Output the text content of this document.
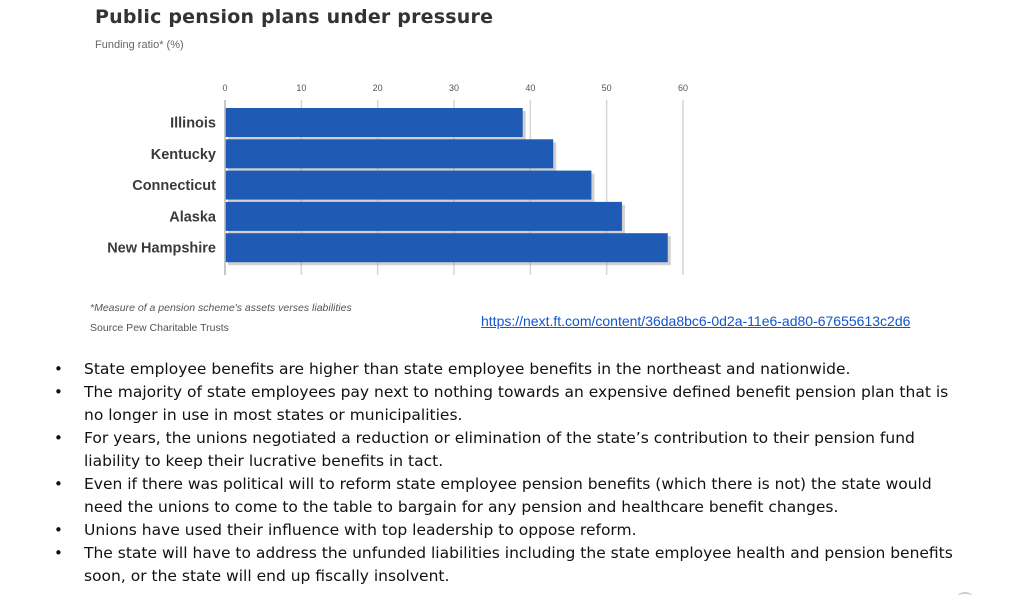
Public pension plans under pressure
Funding ratio* (%)
0	10	20	30	40	50	60
Illinois
Kentucky
Connecticut
Alaska
New Hampshire
*Measure of a pension scheme's assets verses liabilities
Source Pew Charitable Trusts	https://next.ft.com/content/36da8bc6-0d2a-11e6-ad80-67655613c2d6
• State employee benefits are higher than state employee benefits in the northeast and nationwide.
• The majority of state employees pay next to nothing towards an expensive defined benefit pension plan that is no longer in use in most states or municipalities.
• For years, the unions negotiated a reduction or elimination of the state’s contribution to their pension fund liability to keep their lucrative benefits in tact.
• Even if there was political will to reform state employee pension benefits (which there is not) the state would need the unions to come to the table to bargain for any pension and healthcare benefit changes.
• Unions have used their influence with top leadership to oppose reform.
• The state will have to address the unfunded liabilities including the state employee health and pension benefits soon, or the state will end up fiscally insolvent.
